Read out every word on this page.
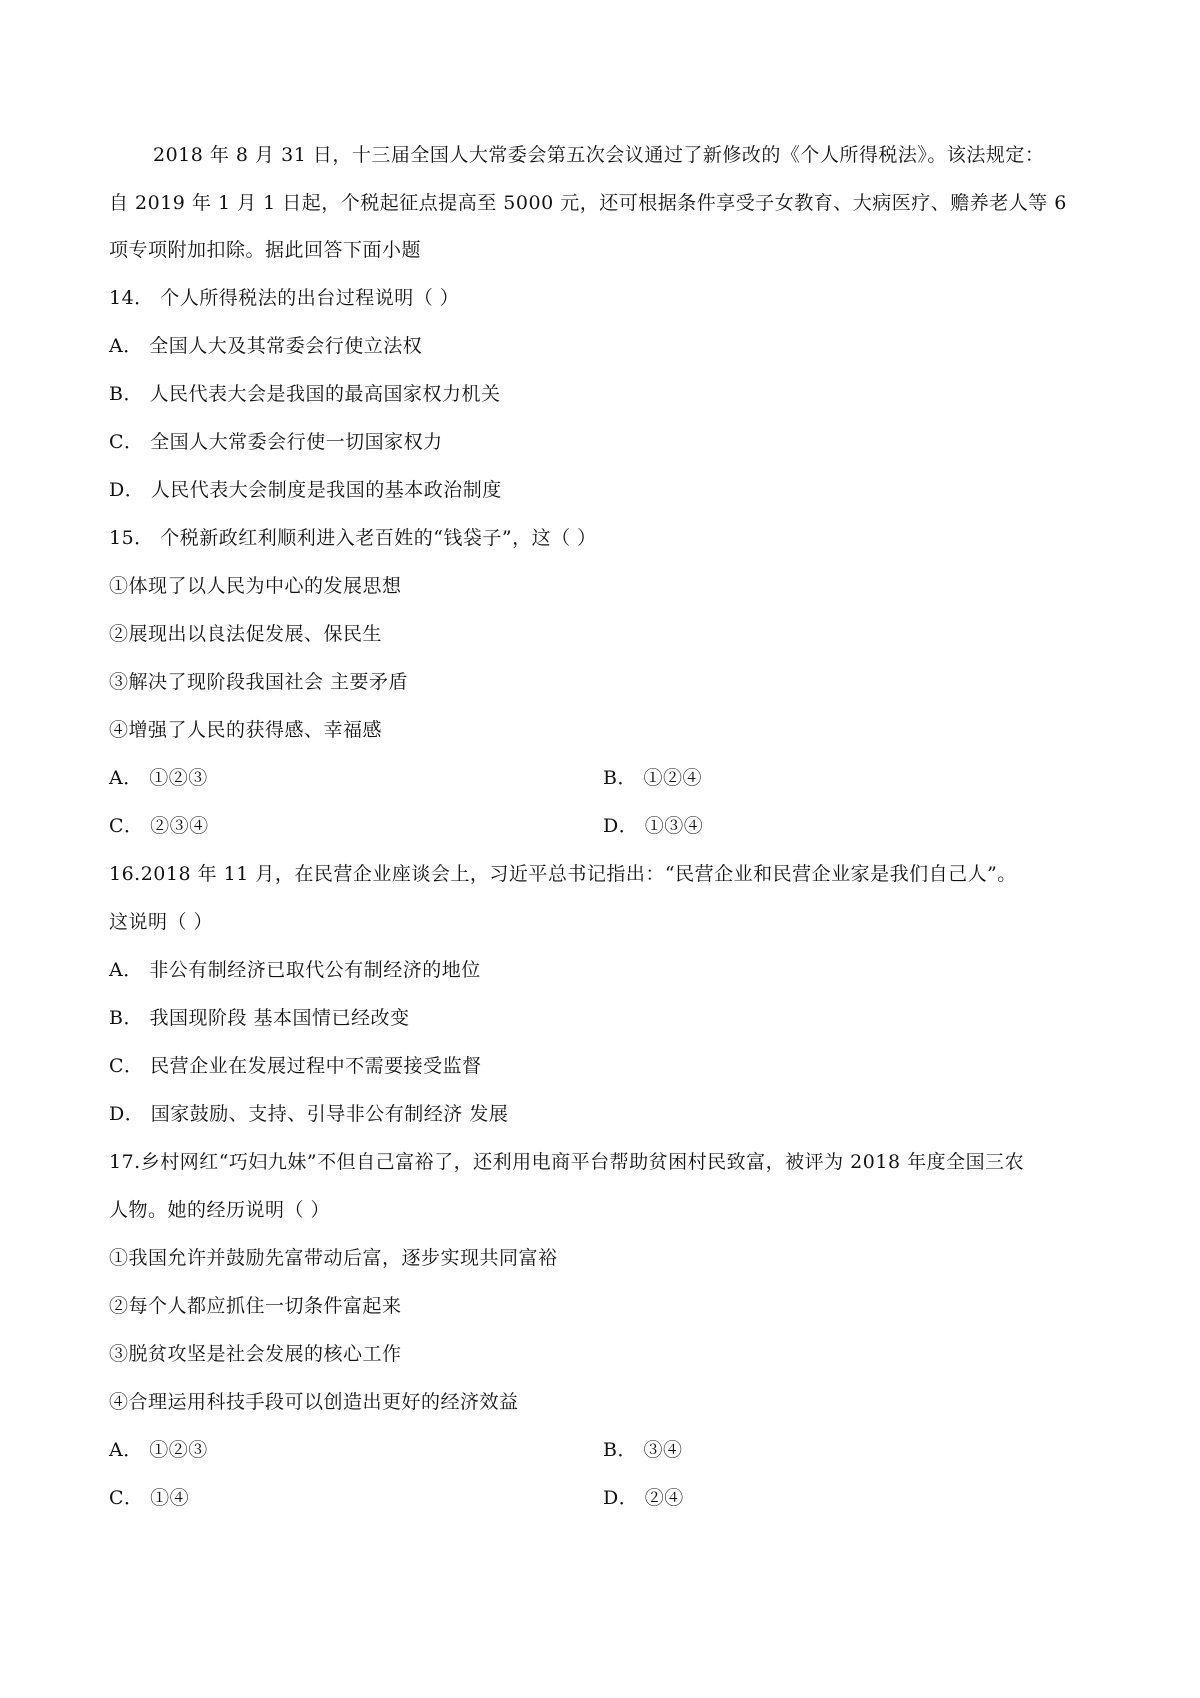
2018 年 8 月 31 日，十三届全国人大常委会第五次会议通过了新修改的《个人所得税法》。该法规定：
自 2019 年 1 月 1 日起，个税起征点提高至 5000 元，还可根据条件享受子女教育、大病医疗、赡养老人等 6
项专项附加扣除。据此回答下面小题
14． 个人所得税法的出台过程说明（ ）
A． 全国人大及其常委会行使立法权
B． 人民代表大会是我国的最高国家权力机关
C． 全国人大常委会行使一切国家权力
D． 人民代表大会制度是我国的基本政治制度
15． 个税新政红利顺利进入老百姓的“钱袋子”，这（ ）
①体现了以人民为中心的发展思想
②展现出以良法促发展、保民生
③解决了现阶段我国社会 主要矛盾
④增强了人民的获得感、幸福感
A． ①②③	B． ①②④
C． ②③④	D． ①③④
16.2018 年 11 月，在民营企业座谈会上，习近平总书记指出：“民营企业和民营企业家是我们自己人”。
这说明（ ）
A． 非公有制经济已取代公有制经济的地位
B． 我国现阶段 基本国情已经改变
C． 民营企业在发展过程中不需要接受监督
D． 国家鼓励、支持、引导非公有制经济 发展
17.乡村网红“巧妇九妹”不但自己富裕了，还利用电商平台帮助贫困村民致富，被评为 2018 年度全国三农
人物。她的经历说明（ ）
①我国允许并鼓励先富带动后富，逐步实现共同富裕
②每个人都应抓住一切条件富起来
③脱贫攻坚是社会发展的核心工作
④合理运用科技手段可以创造出更好的经济效益
A． ①②③	B． ③④
C． ①④	D． ②④
